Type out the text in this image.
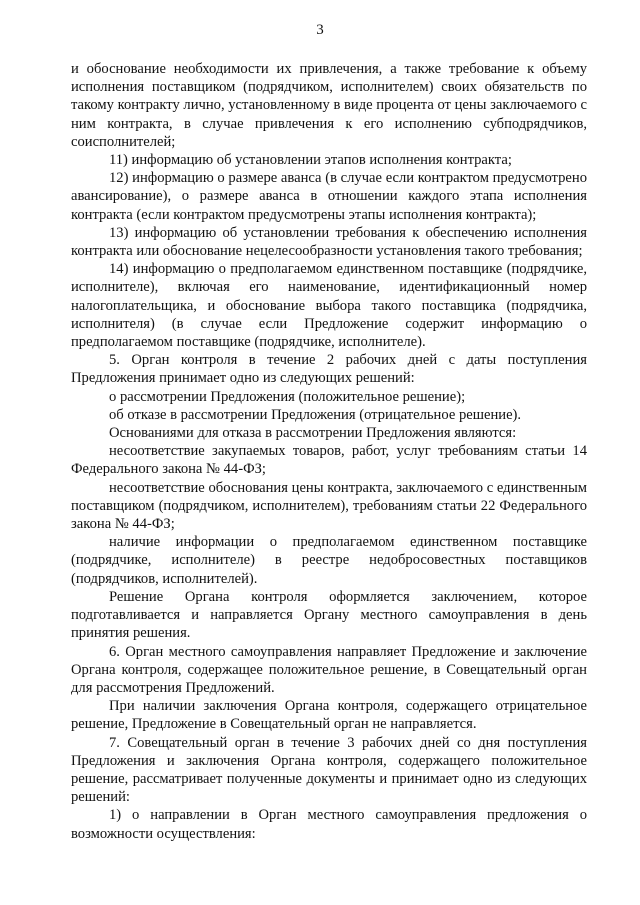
3

и обоснование необходимости их привлечения, а также требование к объему исполнения поставщиком (подрядчиком, исполнителем) своих обязательств по такому контракту лично, установленному в виде процента от цены заключаемого с ним контракта, в случае привлечения к его исполнению субподрядчиков, соисполнителей;

11) информацию об установлении этапов исполнения контракта;

12) информацию о размере аванса (в случае если контрактом предусмотрено авансирование), о размере аванса в отношении каждого этапа исполнения контракта (если контрактом предусмотрены этапы исполнения контракта);

13) информацию об установлении требования к обеспечению исполнения контракта или обоснование нецелесообразности установления такого требования;

14) информацию о предполагаемом единственном поставщике (подрядчике, исполнителе), включая его наименование, идентификационный номер налогоплательщика, и обоснование выбора такого поставщика (подрядчика, исполнителя) (в случае если Предложение содержит информацию о предполагаемом поставщике (подрядчике, исполнителе).

5. Орган контроля в течение 2 рабочих дней с даты поступления Предложения принимает одно из следующих решений:

о рассмотрении Предложения (положительное решение);

об отказе в рассмотрении Предложения (отрицательное решение).

Основаниями для отказа в рассмотрении Предложения являются:

несоответствие закупаемых товаров, работ, услуг требованиям статьи 14 Федерального закона № 44-ФЗ;

несоответствие обоснования цены контракта, заключаемого с единственным поставщиком (подрядчиком, исполнителем), требованиям статьи 22 Федерального закона № 44-ФЗ;

наличие информации о предполагаемом единственном поставщике (подрядчике, исполнителе) в реестре недобросовестных поставщиков (подрядчиков, исполнителей).

Решение Органа контроля оформляется заключением, которое подготавливается и направляется Органу местного самоуправления в день принятия решения.

6. Орган местного самоуправления направляет Предложение и заключение Органа контроля, содержащее положительное решение, в Совещательный орган для рассмотрения Предложений.

При наличии заключения Органа контроля, содержащего отрицательное решение, Предложение в Совещательный орган не направляется.

7. Совещательный орган в течение 3 рабочих дней со дня поступления Предложения и заключения Органа контроля, содержащего положительное решение, рассматривает полученные документы и принимает одно из следующих решений:

1) о направлении в Орган местного самоуправления предложения о возможности осуществления:
